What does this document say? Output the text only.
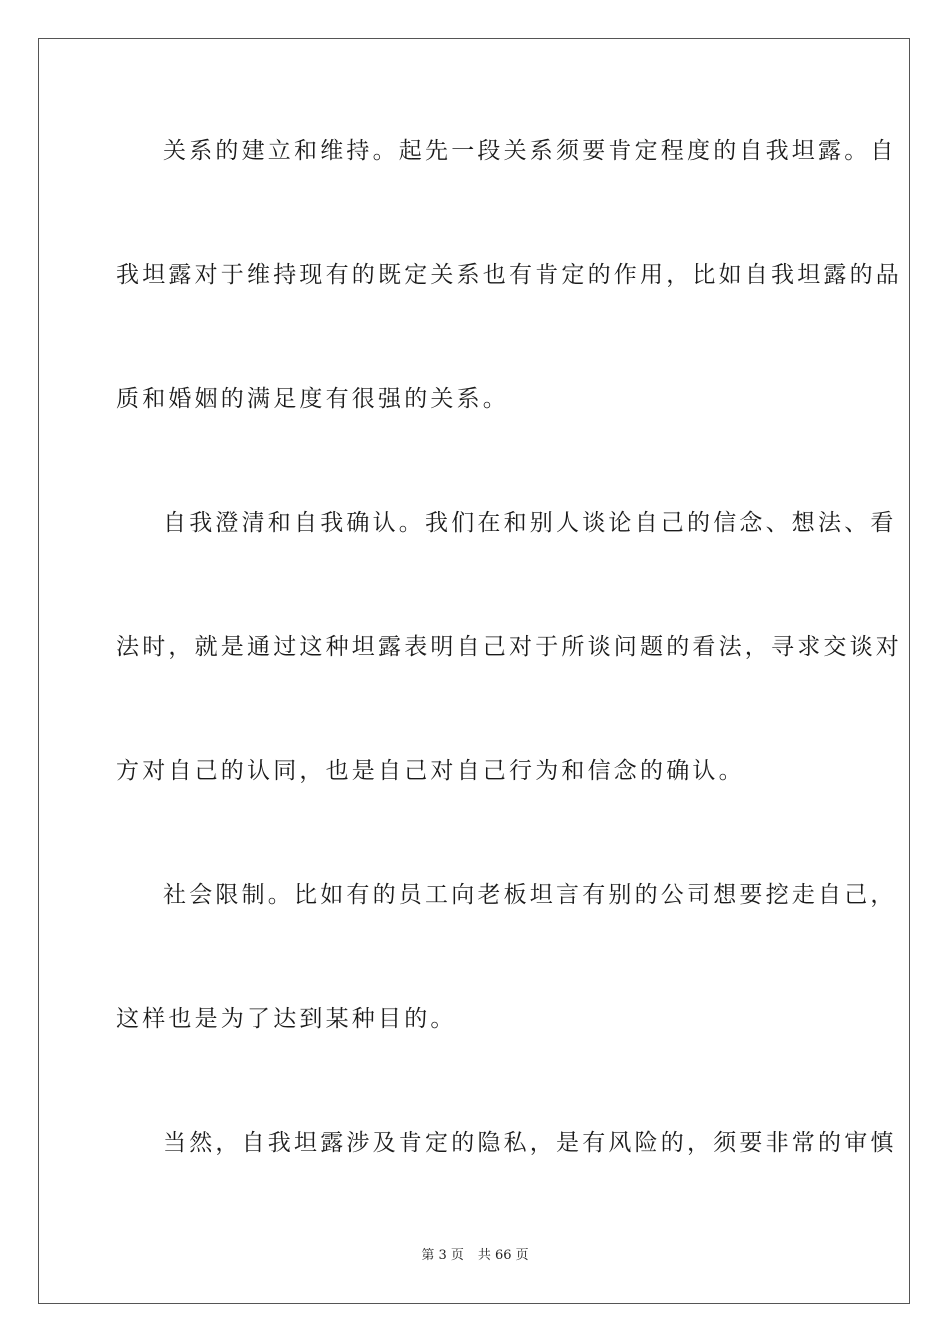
关系的建立和维持。起先一段关系须要肯定程度的自我坦露。自
我坦露对于维持现有的既定关系也有肯定的作用，比如自我坦露的品
质和婚姻的满足度有很强的关系。
自我澄清和自我确认。我们在和别人谈论自己的信念、想法、看
法时，就是通过这种坦露表明自己对于所谈问题的看法，寻求交谈对
方对自己的认同，也是自己对自己行为和信念的确认。
社会限制。比如有的员工向老板坦言有别的公司想要挖走自己，
这样也是为了达到某种目的。
当然，自我坦露涉及肯定的隐私，是有风险的，须要非常的审慎
第 3 页 共 66 页
